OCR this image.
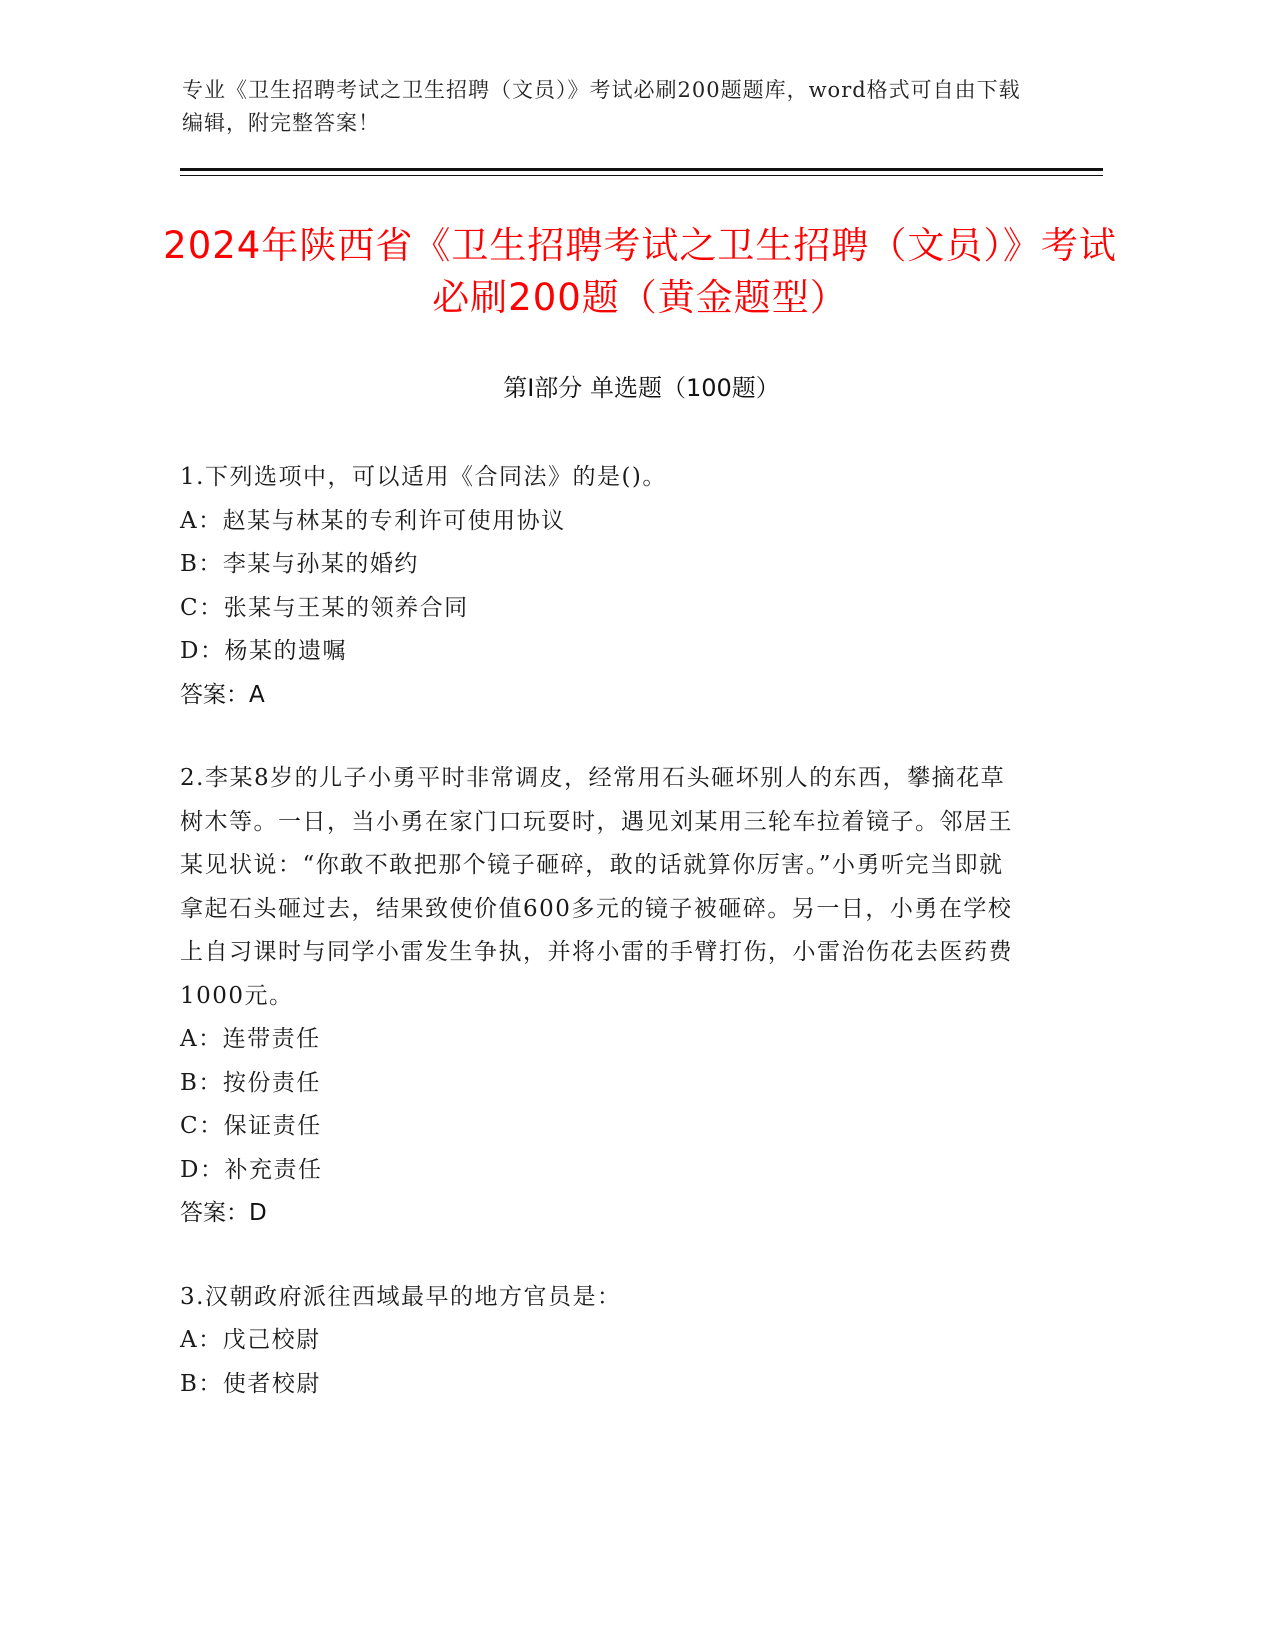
专业《卫生招聘考试之卫生招聘（文员）》考试必刷200题题库，word格式可自由下载编辑，附完整答案！
2024年陕西省《卫生招聘考试之卫生招聘（文员）》考试必刷200题（黄金题型）
第I部分 单选题（100题）
1.下列选项中，可以适用《合同法》的是()。
A：赵某与林某的专利许可使用协议
B：李某与孙某的婚约
C：张某与王某的领养合同
D：杨某的遗嘱
答案：A
2.李某8岁的儿子小勇平时非常调皮，经常用石头砸坏别人的东西，攀摘花草树木等。一日，当小勇在家门口玩耍时，遇见刘某用三轮车拉着镜子。邻居王某见状说：“你敢不敢把那个镜子砸碎，敢的话就算你厉害。”小勇听完当即就拿起石头砸过去，结果致使价值600多元的镜子被砸碎。另一日，小勇在学校上自习课时与同学小雷发生争执，并将小雷的手臂打伤，小雷治伤花去医药费1000元。
A：连带责任
B：按份责任
C：保证责任
D：补充责任
答案：D
3.汉朝政府派往西域最早的地方官员是：
A：戊己校尉
B：使者校尉
